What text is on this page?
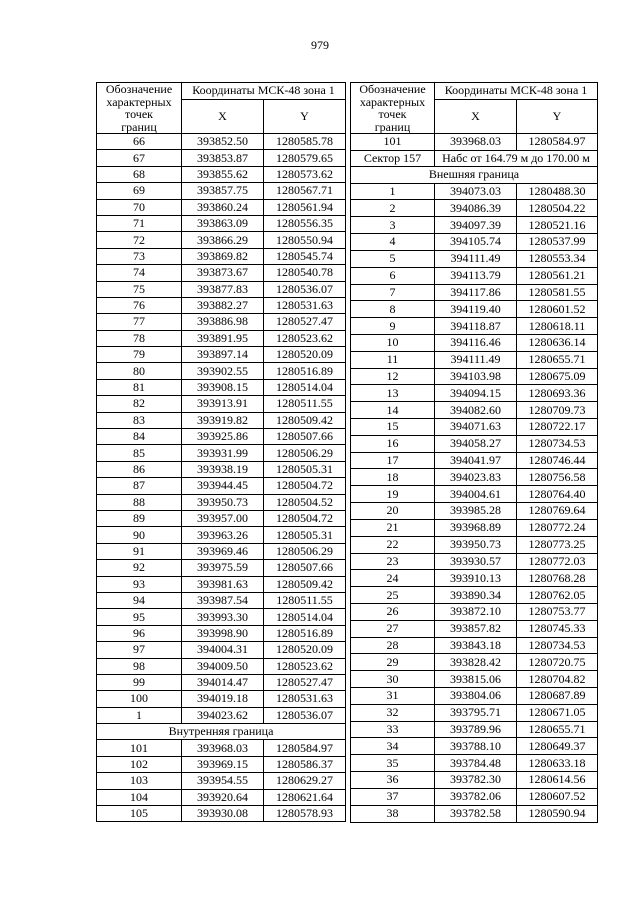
979
Обозначение
характерных
точек
границ	Координаты МСК-48 зона 1	
	X	Y
66	393852.50	1280585.78
67	393853.87	1280579.65
68	393855.62	1280573.62
69	393857.75	1280567.71
70	393860.24	1280561.94
71	393863.09	1280556.35
72	393866.29	1280550.94
73	393869.82	1280545.74
74	393873.67	1280540.78
75	393877.83	1280536.07
76	393882.27	1280531.63
77	393886.98	1280527.47
78	393891.95	1280523.62
79	393897.14	1280520.09
80	393902.55	1280516.89
81	393908.15	1280514.04
82	393913.91	1280511.55
83	393919.82	1280509.42
84	393925.86	1280507.66
85	393931.99	1280506.29
86	393938.19	1280505.31
87	393944.45	1280504.72
88	393950.73	1280504.52
89	393957.00	1280504.72
90	393963.26	1280505.31
91	393969.46	1280506.29
92	393975.59	1280507.66
93	393981.63	1280509.42
94	393987.54	1280511.55
95	393993.30	1280514.04
96	393998.90	1280516.89
97	394004.31	1280520.09
98	394009.50	1280523.62
99	394014.47	1280527.47
100	394019.18	1280531.63
1	394023.62	1280536.07
Внутренняя граница		
101	393968.03	1280584.97
102	393969.15	1280586.37
103	393954.55	1280629.27
104	393920.64	1280621.64
105	393930.08	1280578.93
Обозначение
характерных
точек
границ	Координаты МСК-48 зона 1	
	X	Y
101	393968.03	1280584.97
Сектор 157	Набс от 164.79 м до 170.00 м	
Внешняя граница		
1	394073.03	1280488.30
2	394086.39	1280504.22
3	394097.39	1280521.16
4	394105.74	1280537.99
5	394111.49	1280553.34
6	394113.79	1280561.21
7	394117.86	1280581.55
8	394119.40	1280601.52
9	394118.87	1280618.11
10	394116.46	1280636.14
11	394111.49	1280655.71
12	394103.98	1280675.09
13	394094.15	1280693.36
14	394082.60	1280709.73
15	394071.63	1280722.17
16	394058.27	1280734.53
17	394041.97	1280746.44
18	394023.83	1280756.58
19	394004.61	1280764.40
20	393985.28	1280769.64
21	393968.89	1280772.24
22	393950.73	1280773.25
23	393930.57	1280772.03
24	393910.13	1280768.28
25	393890.34	1280762.05
26	393872.10	1280753.77
27	393857.82	1280745.33
28	393843.18	1280734.53
29	393828.42	1280720.75
30	393815.06	1280704.82
31	393804.06	1280687.89
32	393795.71	1280671.05
33	393789.96	1280655.71
34	393788.10	1280649.37
35	393784.48	1280633.18
36	393782.30	1280614.56
37	393782.06	1280607.52
38	393782.58	1280590.94
